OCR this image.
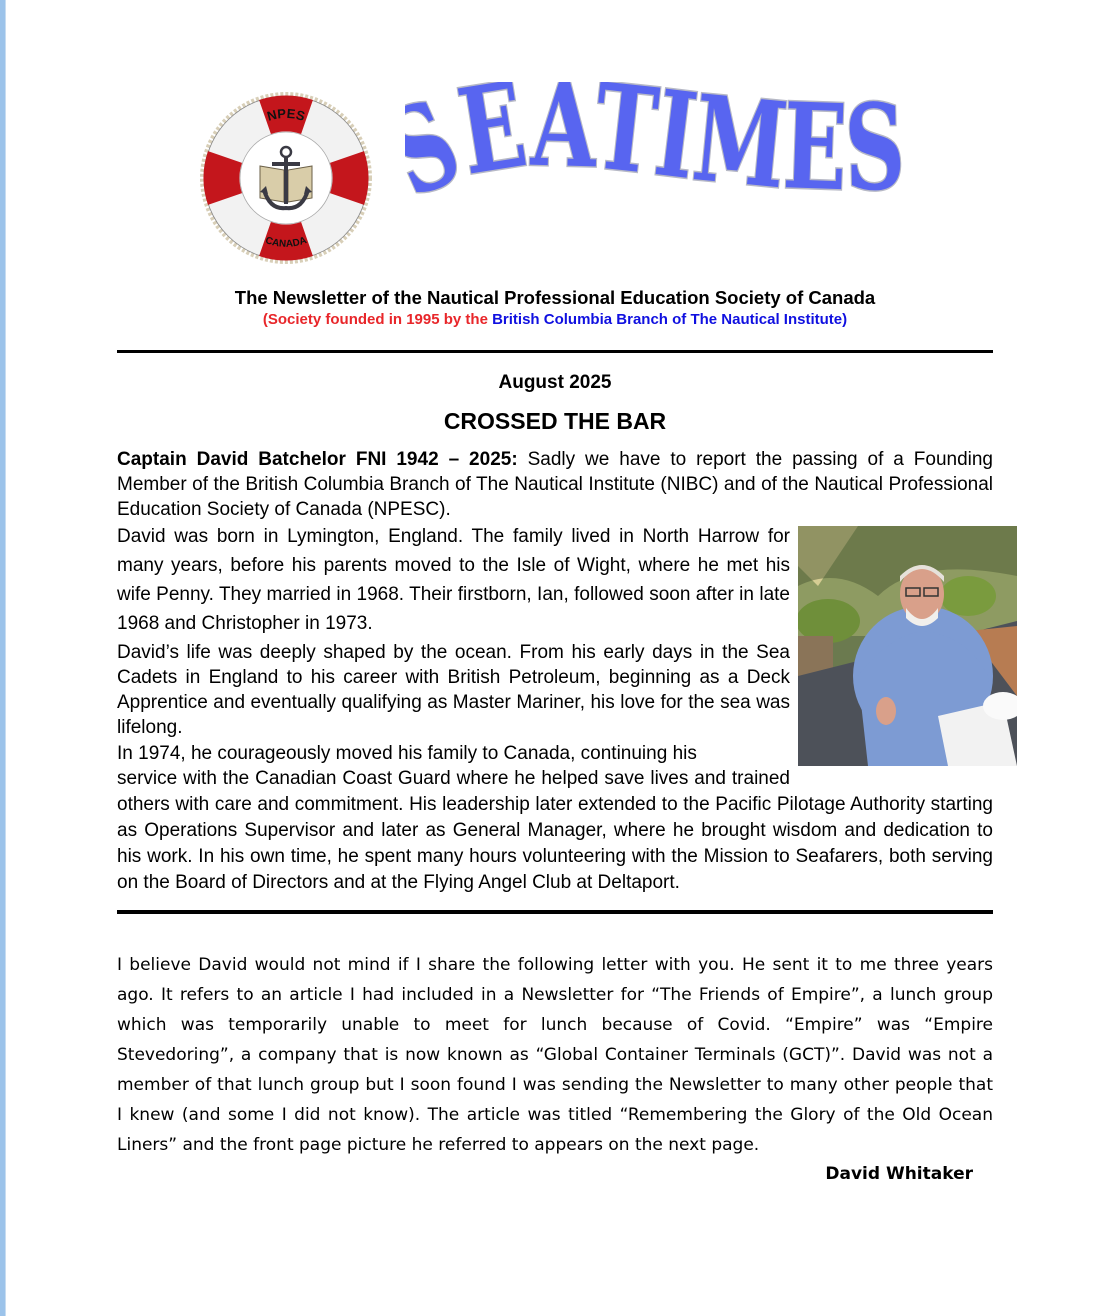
NPES
CANADA
EATIMES
The Newsletter of the Nautical Professional Education Society of Canada
(Society founded in 1995 by the British Columbia Branch of The Nautical Institute)
August 2025
CROSSED THE BAR

Captain David Batchelor FNI 1942 – 2025: Sadly we have to report the passing of a Founding Member of the British Columbia Branch of The Nautical Institute (NIBC) and of the Nautical Professional Education Society of Canada (NPESC).

David was born in Lymington, England. The family lived in North Harrow for many years, before his parents moved to the Isle of Wight, where he met his wife Penny. They married in 1968. Their firstborn, Ian, followed soon after in late 1968 and Christopher in 1973.

David’s life was deeply shaped by the ocean. From his early days in the Sea Cadets in England to his career with British Petroleum, beginning as a Deck Apprentice and eventually qualifying as Master Mariner, his love for the sea was lifelong.

In 1974, he courageously moved his family to Canada, continuing his

service with the Canadian Coast Guard where he helped save lives and trained others with care and commitment. His leadership later extended to the Pacific Pilotage Authority starting as Operations Supervisor and later as General Manager, where he brought wisdom and dedication to his work. In his own time, he spent many hours volunteering with the Mission to Seafarers, both serving on the Board of Directors and at the Flying Angel Club at Deltaport.

I believe David would not mind if I share the following letter with you. He sent it to me three years ago. It refers to an article I had included in a Newsletter for “The Friends of Empire”, a lunch group which was temporarily unable to meet for lunch because of Covid. “Empire” was “Empire Stevedoring”, a company that is now known as “Global Container Terminals (GCT)”. David was not a member of that lunch group but I soon found I was sending the Newsletter to many other people that I knew (and some I did not know). The article was titled “Remembering the Glory of the Old Ocean Liners” and the front page picture he referred to appears on the next page.

David Whitaker
